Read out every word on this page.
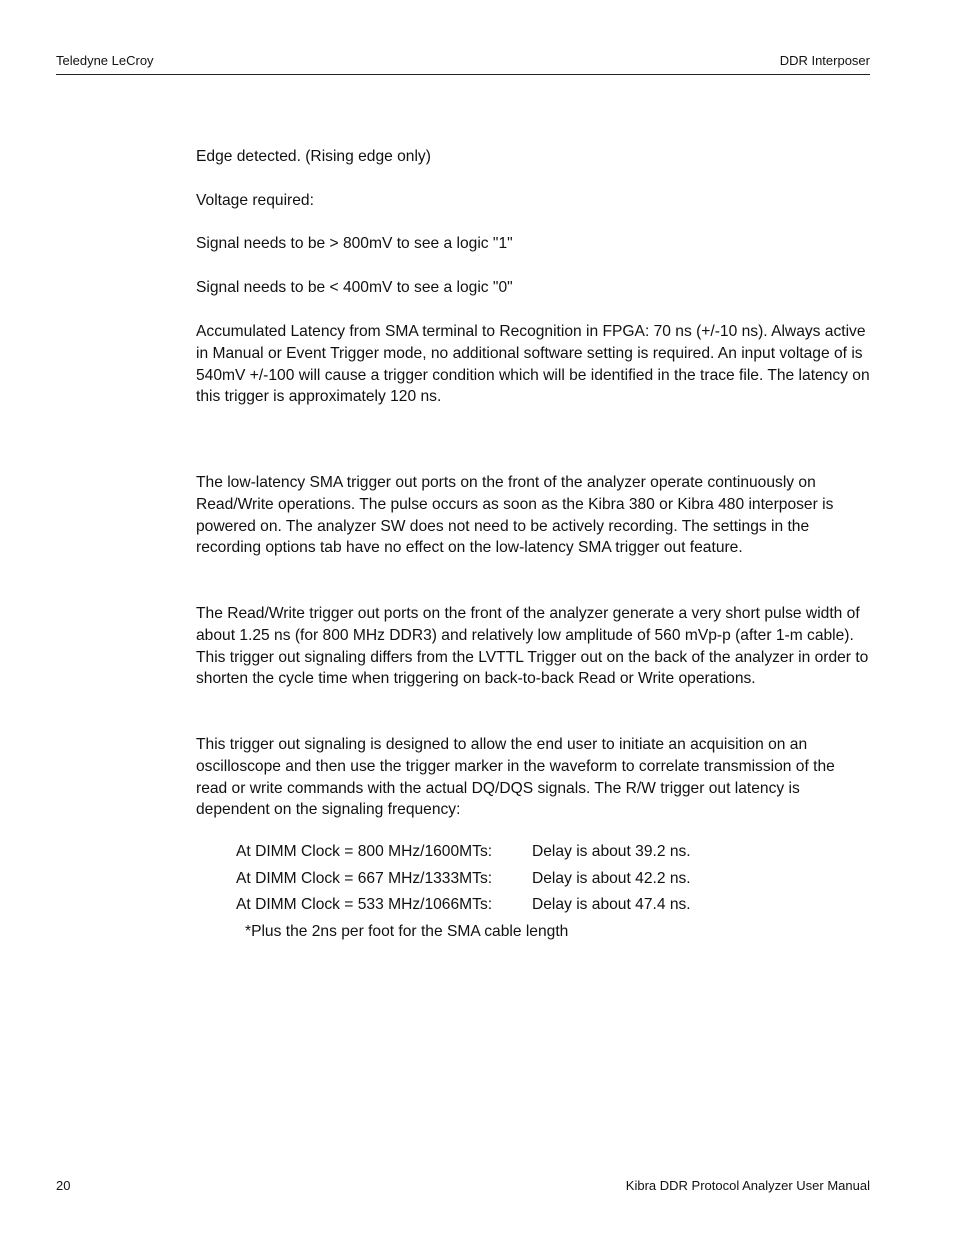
Teledyne LeCroy	DDR Interposer

Edge detected. (Rising edge only)

Voltage required:

Signal needs to be > 800mV to see a logic "1"

Signal needs to be < 400mV to see a logic "0"

Accumulated Latency from SMA terminal to Recognition in FPGA: 70 ns (+/-10 ns). Always active in Manual or Event Trigger mode, no additional software setting is required. An input voltage of is 540mV +/-100 will cause a trigger condition which will be identified in the trace file. The latency on this trigger is approximately 120 ns.

The low-latency SMA trigger out ports on the front of the analyzer operate continuously on Read/Write operations. The pulse occurs as soon as the Kibra 380 or Kibra 480 interposer is powered on. The analyzer SW does not need to be actively recording. The settings in the recording options tab have no effect on the low-latency SMA trigger out feature.

The Read/Write trigger out ports on the front of the analyzer generate a very short pulse width of about 1.25 ns (for 800 MHz DDR3) and relatively low amplitude of 560 mVp-p (after 1-m cable). This trigger out signaling differs from the LVTTL Trigger out on the back of the analyzer in order to shorten the cycle time when triggering on back-to-back Read or Write operations.

This trigger out signaling is designed to allow the end user to initiate an acquisition on an oscilloscope and then use the trigger marker in the waveform to correlate transmission of the read or write commands with the actual DQ/DQS signals. The R/W trigger out latency is dependent on the signaling frequency:

At DIMM Clock = 800 MHz/1600MTs:	Delay is about 39.2 ns.
At DIMM Clock = 667 MHz/1333MTs:	Delay is about 42.2 ns.
At DIMM Clock = 533 MHz/1066MTs:	Delay is about 47.4 ns.
*Plus the 2ns per foot for the SMA cable length
20	Kibra DDR Protocol Analyzer User Manual
